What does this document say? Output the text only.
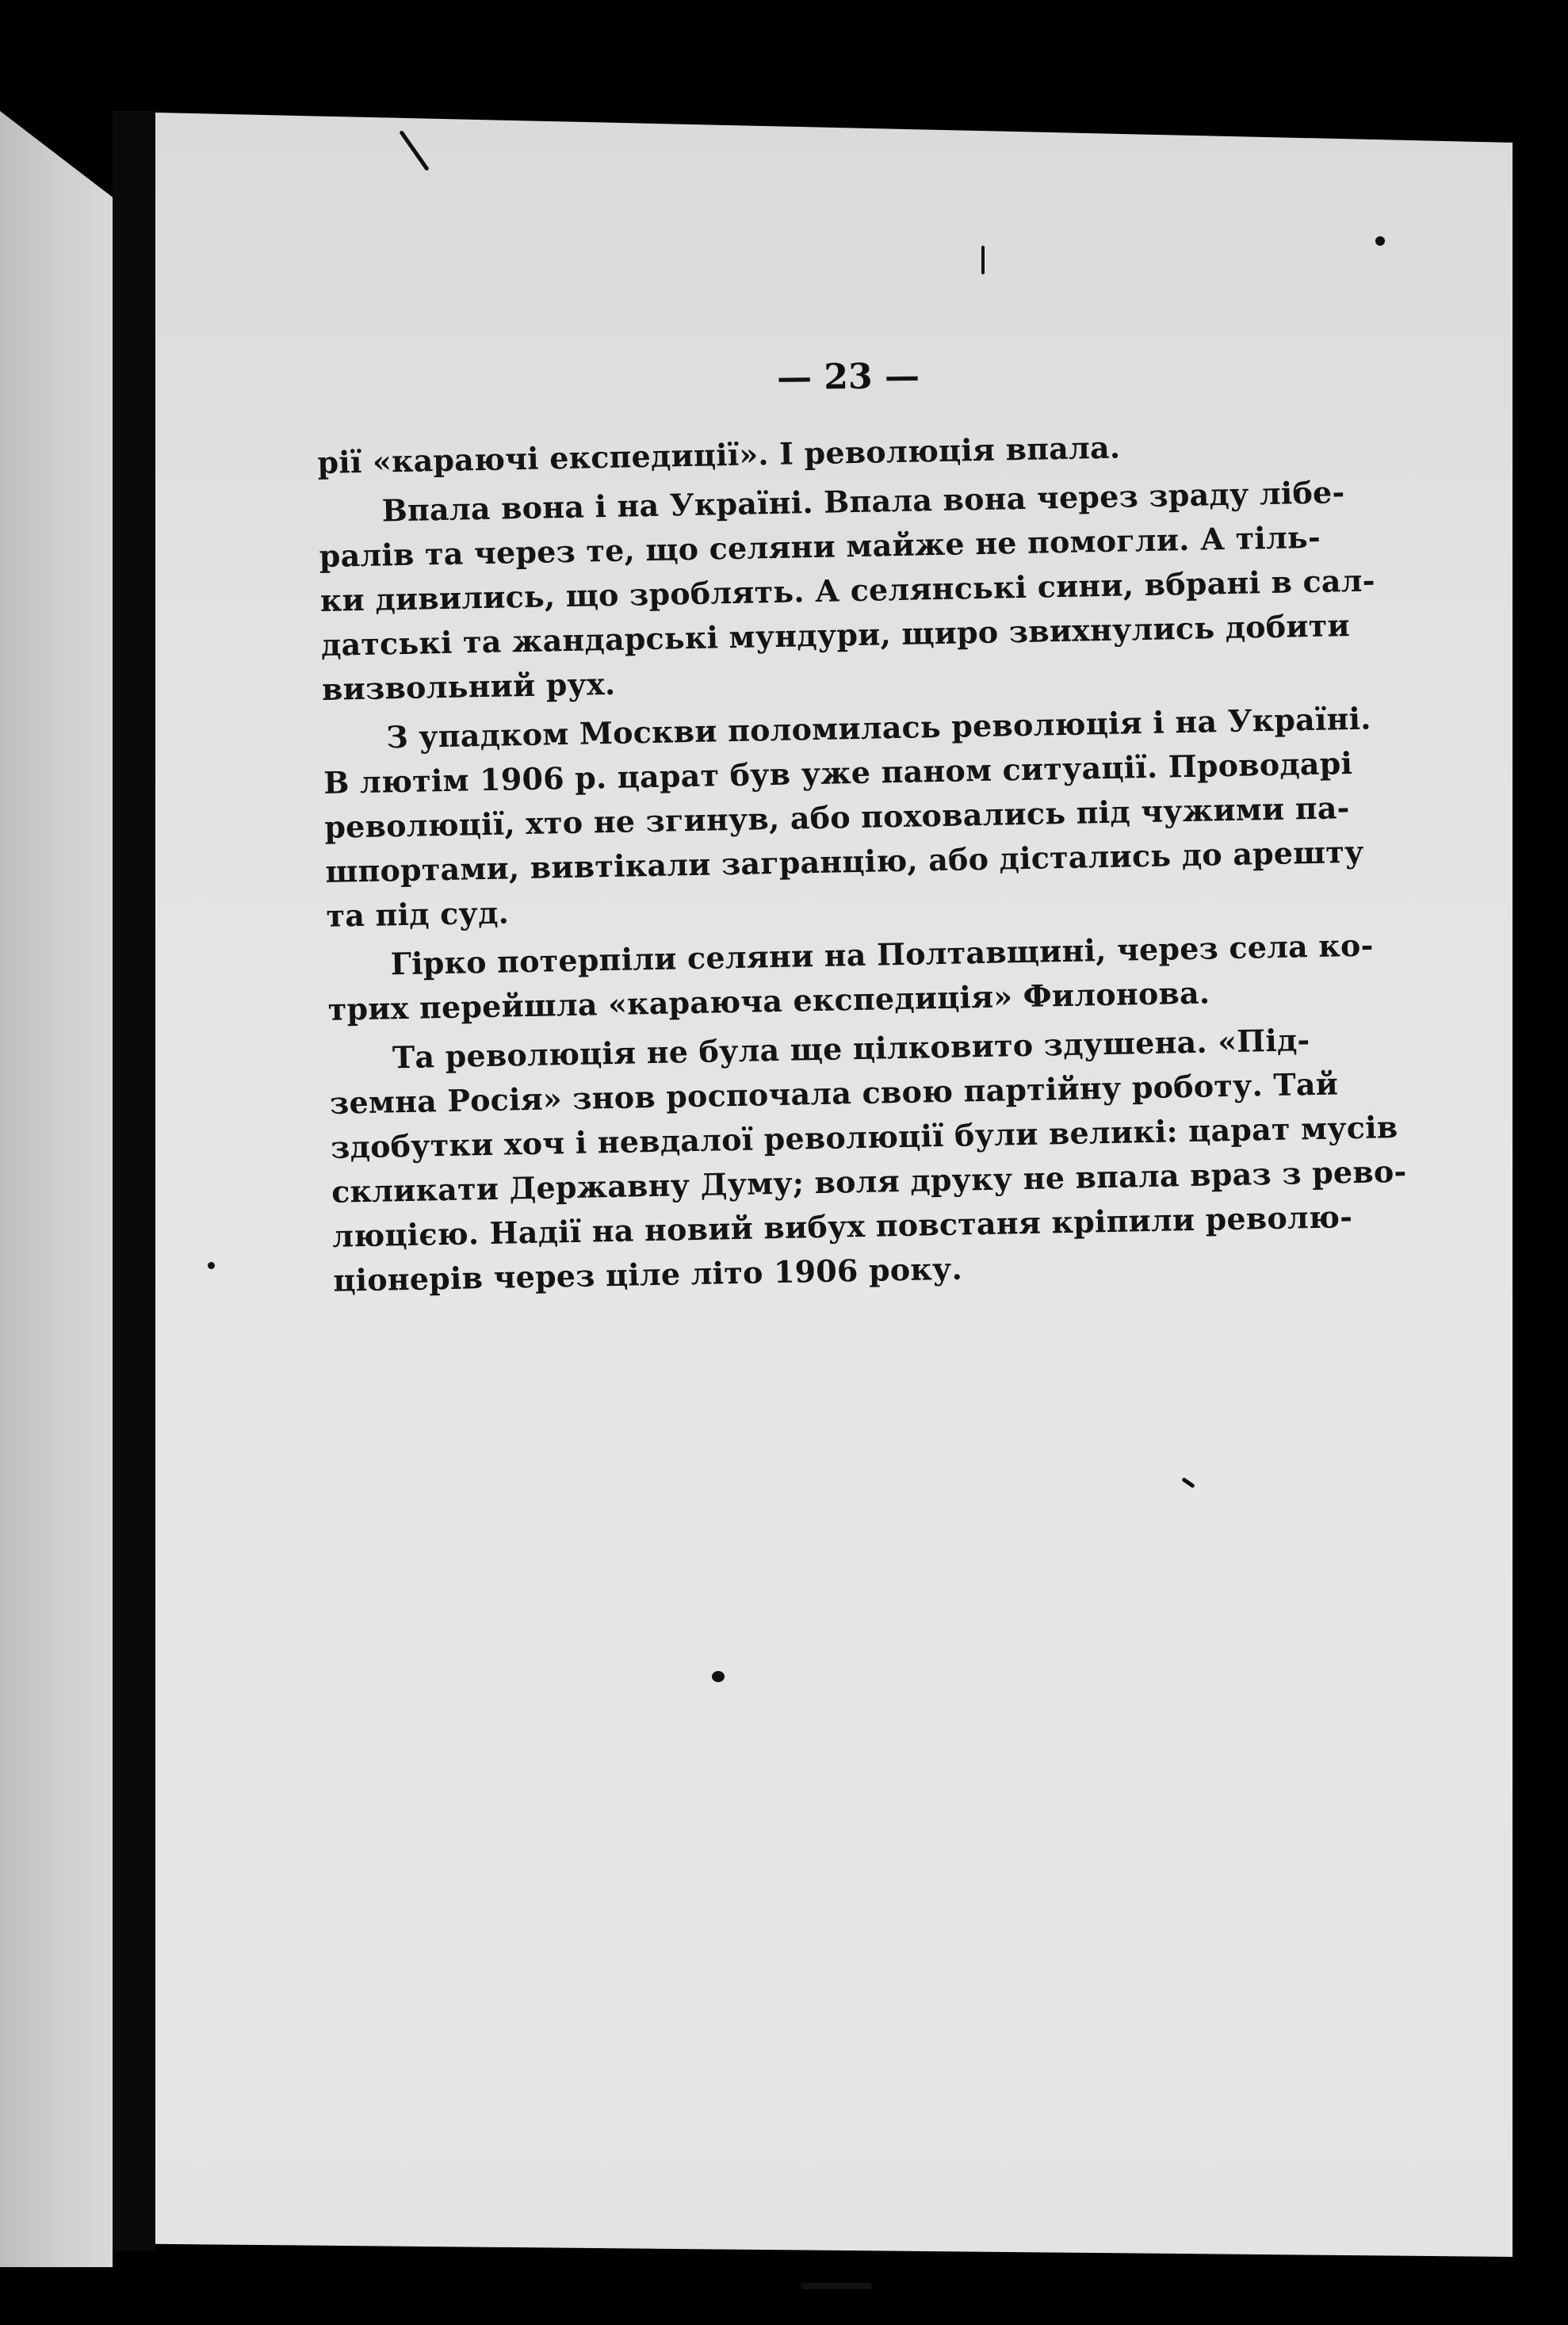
— 23 —
рії «караючі експедиції». І революція впала.
Впала вона і на Україні. Впала вона через зраду лібе-
ралів та через те, що селяни майже не помогли. А тіль-
ки дивились, що зроблять. А селянські сини, вбрані в сал-
датські та жандарські мундури, щиро звихнулись добити
визвольний рух.
З упадком Москви поломилась революція і на Україні.
В лютім 1906 р. царат був уже паном ситуації. Проводарі
революції, хто не згинув, або поховались під чужими па-
шпортами, вивтікали загранцію, або дістались до арешту
та під суд.
Гірко потерпіли селяни на Полтавщині, через села ко-
трих перейшла «караюча експедиція» Филонова.
Та революція не була ще цілковито здушена. «Під-
земна Росія» знов роспочала свою партійну роботу. Тай
здобутки хоч і невдалої революції були великі: царат мусів
скликати Державну Думу; воля друку не впала враз з рево-
люцією. Надії на новий вибух повстаня кріпили револю-
ціонерів через ціле літо 1906 року.
